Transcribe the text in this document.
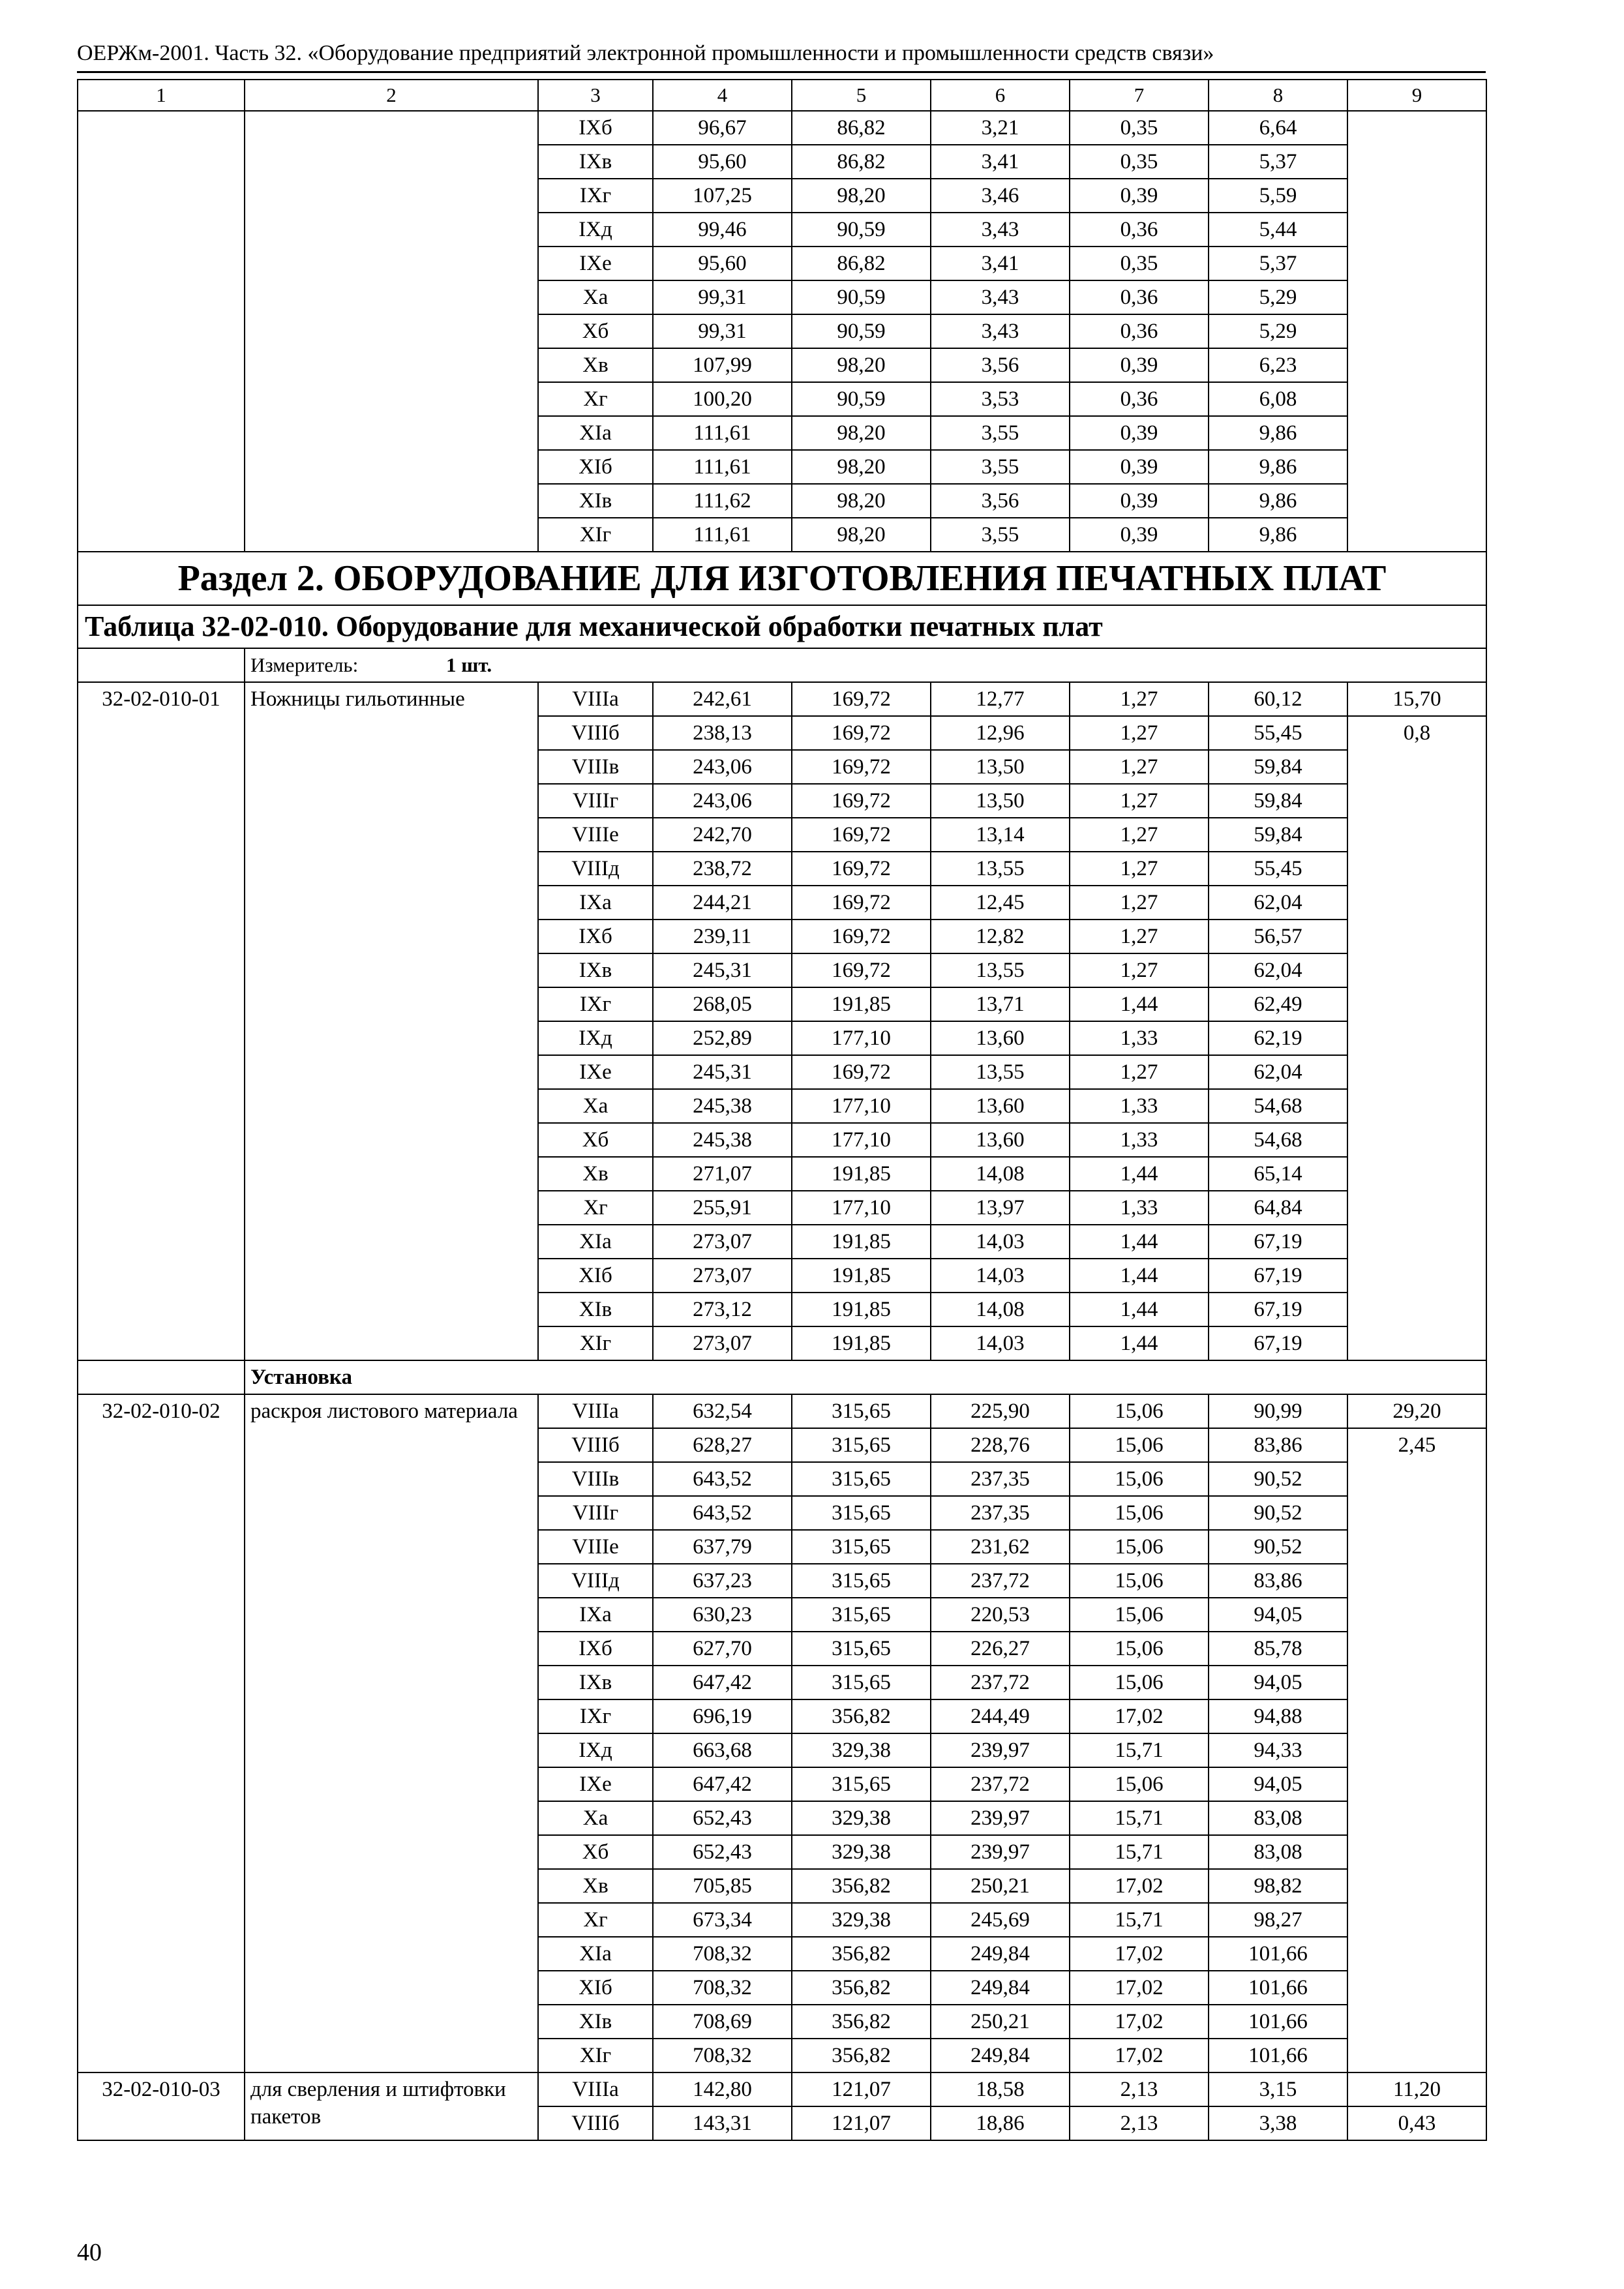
ОЕРЖм-2001. Часть 32. «Оборудование предприятий электронной промышленности и промышленности средств связи»
1	2	3	4	5	6	7	8	9
		IXб	96,67	86,82	3,21	0,35	6,64	
		IXв	95,60	86,82	3,41	0,35	5,37	
		IXг	107,25	98,20	3,46	0,39	5,59	
		IXд	99,46	90,59	3,43	0,36	5,44	
		IXе	95,60	86,82	3,41	0,35	5,37	
		Xа	99,31	90,59	3,43	0,36	5,29	
		Xб	99,31	90,59	3,43	0,36	5,29	
		Xв	107,99	98,20	3,56	0,39	6,23	
		Xг	100,20	90,59	3,53	0,36	6,08	
		XIа	111,61	98,20	3,55	0,39	9,86	
		XIб	111,61	98,20	3,55	0,39	9,86	
		XIв	111,62	98,20	3,56	0,39	9,86	
		XIг	111,61	98,20	3,55	0,39	9,86	
Раздел 2. ОБОРУДОВАНИЕ ДЛЯ ИЗГОТОВЛЕНИЯ ПЕЧАТНЫХ ПЛАТ								
Таблица 32-02-010. Оборудование для механической обработки печатных плат								
	Измеритель: 1 шт.							
32-02-010-01	Ножницы гильотинные	VIIIа	242,61	169,72	12,77	1,27	60,12	15,70
		VIIIб	238,13	169,72	12,96	1,27	55,45	0,8
		VIIIв	243,06	169,72	13,50	1,27	59,84	
		VIIIг	243,06	169,72	13,50	1,27	59,84	
		VIIIе	242,70	169,72	13,14	1,27	59,84	
		VIIIд	238,72	169,72	13,55	1,27	55,45	
		IXа	244,21	169,72	12,45	1,27	62,04	
		IXб	239,11	169,72	12,82	1,27	56,57	
		IXв	245,31	169,72	13,55	1,27	62,04	
		IXг	268,05	191,85	13,71	1,44	62,49	
		IXд	252,89	177,10	13,60	1,33	62,19	
		IXе	245,31	169,72	13,55	1,27	62,04	
		Xа	245,38	177,10	13,60	1,33	54,68	
		Xб	245,38	177,10	13,60	1,33	54,68	
		Xв	271,07	191,85	14,08	1,44	65,14	
		Xг	255,91	177,10	13,97	1,33	64,84	
		XIа	273,07	191,85	14,03	1,44	67,19	
		XIб	273,07	191,85	14,03	1,44	67,19	
		XIв	273,12	191,85	14,08	1,44	67,19	
		XIг	273,07	191,85	14,03	1,44	67,19	
	Установка							
32-02-010-02	раскроя листового материала	VIIIа	632,54	315,65	225,90	15,06	90,99	29,20
		VIIIб	628,27	315,65	228,76	15,06	83,86	2,45
		VIIIв	643,52	315,65	237,35	15,06	90,52	
		VIIIг	643,52	315,65	237,35	15,06	90,52	
		VIIIе	637,79	315,65	231,62	15,06	90,52	
		VIIIд	637,23	315,65	237,72	15,06	83,86	
		IXа	630,23	315,65	220,53	15,06	94,05	
		IXб	627,70	315,65	226,27	15,06	85,78	
		IXв	647,42	315,65	237,72	15,06	94,05	
		IXг	696,19	356,82	244,49	17,02	94,88	
		IXд	663,68	329,38	239,97	15,71	94,33	
		IXе	647,42	315,65	237,72	15,06	94,05	
		Xа	652,43	329,38	239,97	15,71	83,08	
		Xб	652,43	329,38	239,97	15,71	83,08	
		Xв	705,85	356,82	250,21	17,02	98,82	
		Xг	673,34	329,38	245,69	15,71	98,27	
		XIа	708,32	356,82	249,84	17,02	101,66	
		XIб	708,32	356,82	249,84	17,02	101,66	
		XIв	708,69	356,82	250,21	17,02	101,66	
		XIг	708,32	356,82	249,84	17,02	101,66	
32-02-010-03	для сверления и штифтовки пакетов	VIIIа	142,80	121,07	18,58	2,13	3,15	11,20
		VIIIб	143,31	121,07	18,86	2,13	3,38	0,43
40
